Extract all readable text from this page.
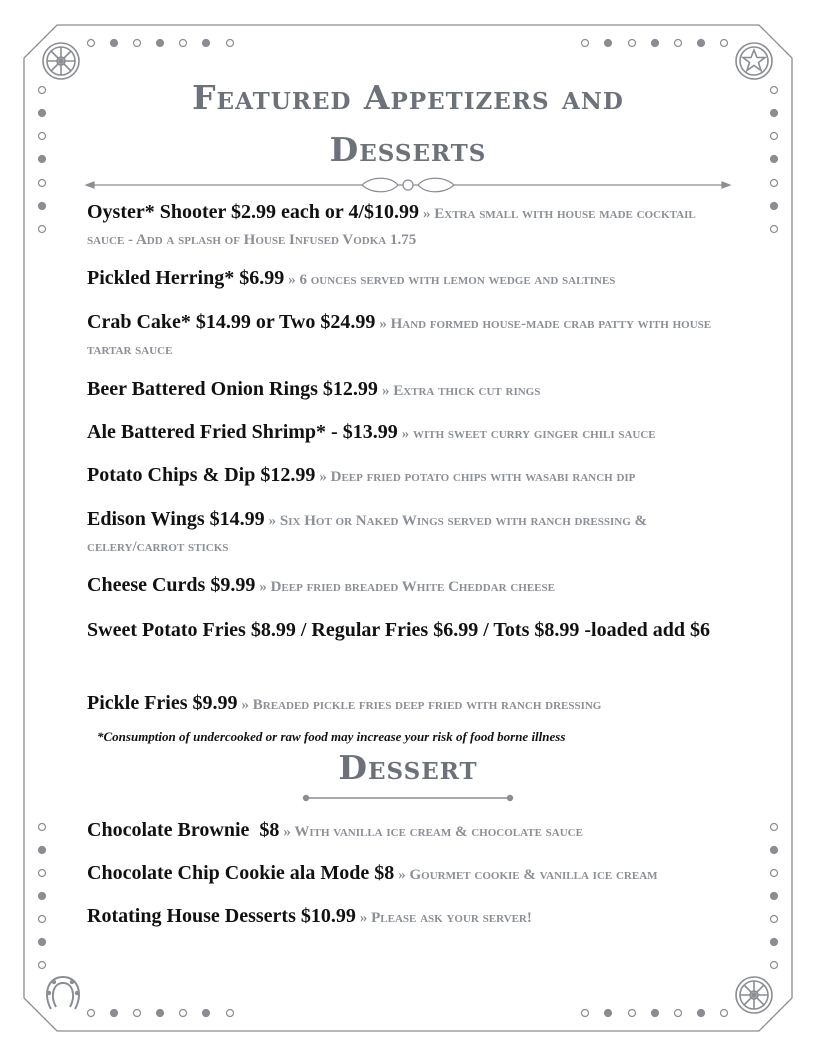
Featured Appetizers and
Desserts
Oyster* Shooter $2.99 each or 4/$10.99 » Extra small with house made cocktail sauce - Add a splash of House Infused Vodka 1.75
Pickled Herring* $6.99 » 6 ounces served with lemon wedge and saltines
Crab Cake* $14.99 or Two $24.99 » Hand formed house-made crab patty with house tartar sauce
Beer Battered Onion Rings $12.99 » Extra thick cut rings
Ale Battered Fried Shrimp* - $13.99 » with sweet curry ginger chili sauce
Potato Chips & Dip $12.99 » Deep fried potato chips with wasabi ranch dip
Edison Wings $14.99 » Six Hot or Naked Wings served with ranch dressing & celery/carrot sticks
Cheese Curds $9.99 » Deep fried breaded White Cheddar cheese
Sweet Potato Fries $8.99 / Regular Fries $6.99 / Tots $8.99 -loaded add $6
Pickle Fries $9.99 » Breaded pickle fries deep fried with ranch dressing
*Consumption of undercooked or raw food may increase your risk of food borne illness
Dessert
Chocolate Brownie  $8 » With vanilla ice cream & chocolate sauce
Chocolate Chip Cookie ala Mode $8 » Gourmet cookie & vanilla ice cream
Rotating House Desserts $10.99 » Please ask your server!
